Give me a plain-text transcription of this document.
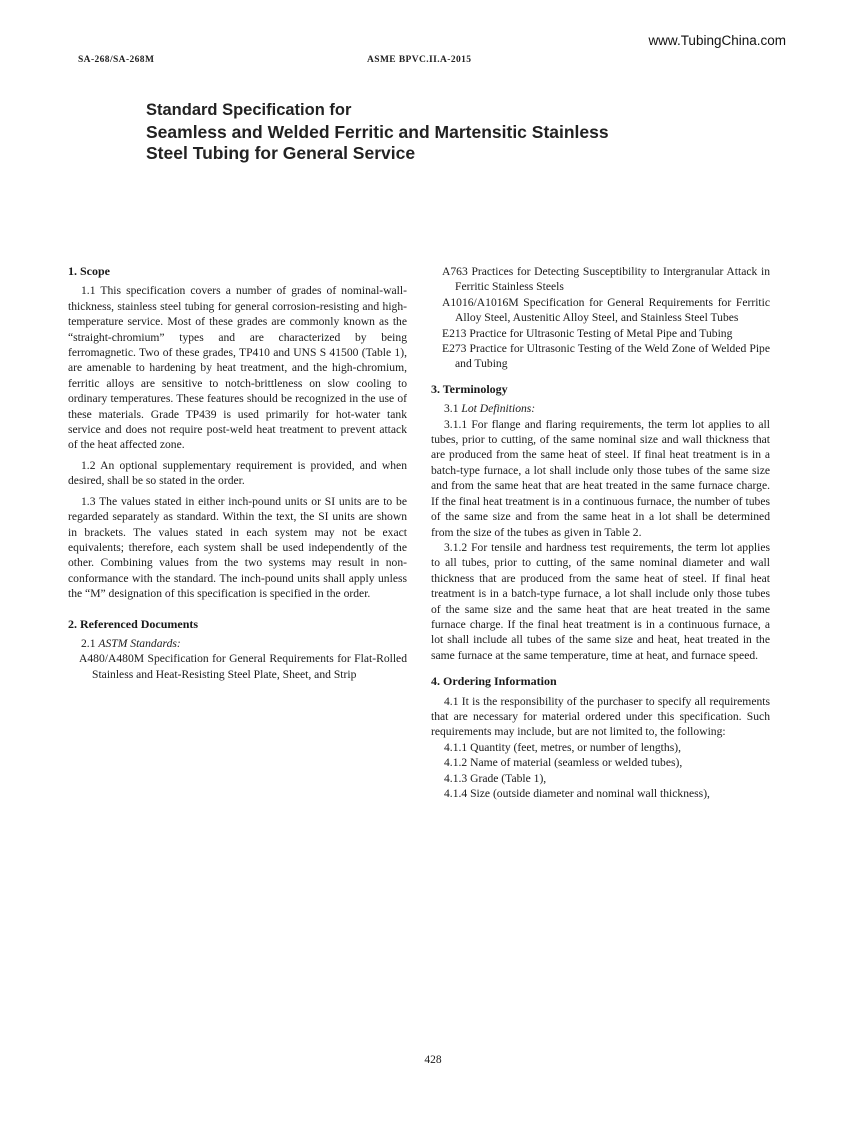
www.TubingChina.com
SA-268/SA-268M	ASME BPVC.II.A-2015
Standard Specification for
Seamless and Welded Ferritic and Martensitic Stainless
Steel Tubing for General Service
1. Scope

1.1 This specification covers a number of grades of nominal-wall-thickness, stainless steel tubing for general corrosion-resisting and high-temperature service. Most of these grades are commonly known as the “straight-chromium” types and are characterized by being ferromagnetic. Two of these grades, TP410 and UNS S 41500 (Table 1), are amenable to hardening by heat treatment, and the high-chromium, ferritic alloys are sensitive to notch-brittleness on slow cooling to ordinary temperatures. These features should be recognized in the use of these materials. Grade TP439 is used primarily for hot-water tank service and does not require post-weld heat treatment to prevent attack of the heat affected zone.

1.2 An optional supplementary requirement is provided, and when desired, shall be so stated in the order.

1.3 The values stated in either inch-pound units or SI units are to be regarded separately as standard. Within the text, the SI units are shown in brackets. The values stated in each system may not be exact equivalents; therefore, each system shall be used independently of the other. Combining values from the two systems may result in non-conformance with the standard. The inch-pound units shall apply unless the “M” designation of this specification is specified in the order.

2. Referenced Documents

2.1 ASTM Standards:

A480/A480M Specification for General Requirements for Flat-Rolled Stainless and Heat-Resisting Steel Plate, Sheet, and Strip

A763 Practices for Detecting Susceptibility to Intergranular Attack in Ferritic Stainless Steels

A1016/A1016M Specification for General Requirements for Ferritic Alloy Steel, Austenitic Alloy Steel, and Stainless Steel Tubes

E213 Practice for Ultrasonic Testing of Metal Pipe and Tubing

E273 Practice for Ultrasonic Testing of the Weld Zone of Welded Pipe and Tubing

3. Terminology

3.1 Lot Definitions:

3.1.1 For flange and flaring requirements, the term lot applies to all tubes, prior to cutting, of the same nominal size and wall thickness that are produced from the same heat of steel. If final heat treatment is in a batch-type furnace, a lot shall include only those tubes of the same size and from the same heat that are heat treated in the same furnace charge. If the final heat treatment is in a continuous furnace, the number of tubes of the same size and from the same heat in a lot shall be determined from the size of the tubes as given in Table 2.

3.1.2 For tensile and hardness test requirements, the term lot applies to all tubes, prior to cutting, of the same nominal diameter and wall thickness that are produced from the same heat of steel. If final heat treatment is in a batch-type furnace, a lot shall include only those tubes of the same size and the same heat that are heat treated in the same furnace charge. If the final heat treatment is in a continuous furnace, a lot shall include all tubes of the same size and heat, heat treated in the same furnace at the same temperature, time at heat, and furnace speed.

4. Ordering Information

4.1 It is the responsibility of the purchaser to specify all requirements that are necessary for material ordered under this specification. Such requirements may include, but are not limited to, the following:

4.1.1 Quantity (feet, metres, or number of lengths),

4.1.2 Name of material (seamless or welded tubes),

4.1.3 Grade (Table 1),

4.1.4 Size (outside diameter and nominal wall thickness),

428
